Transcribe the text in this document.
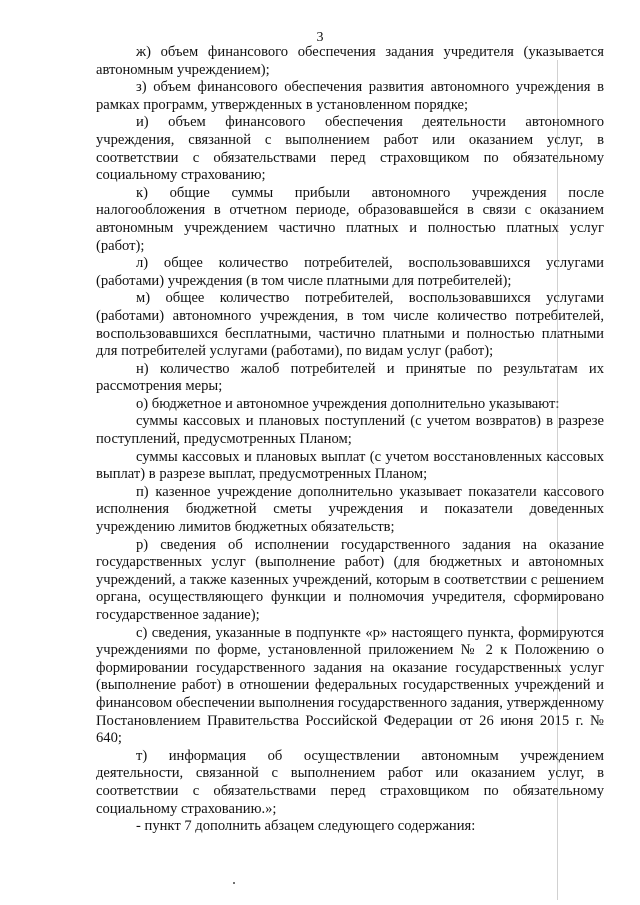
3

ж) объем финансового обеспечения задания учредителя (указывается автономным учреждением);

з) объем финансового обеспечения развития автономного учреждения в рамках программ, утвержденных в установленном порядке;

и) объем финансового обеспечения деятельности автономного учреждения, связанной с выполнением работ или оказанием услуг, в соответствии с обязательствами перед страховщиком по обязательному социальному страхованию;

к) общие суммы прибыли автономного учреждения после налогообложения в отчетном периоде, образовавшейся в связи с оказанием автономным учреждением частично платных и полностью платных услуг (работ);

л) общее количество потребителей, воспользовавшихся услугами (работами) учреждения (в том числе платными для потребителей);

м) общее количество потребителей, воспользовавшихся услугами (работами) автономного учреждения, в том числе количество потребителей, воспользовавшихся бесплатными, частично платными и полностью платными для потребителей услугами (работами), по видам услуг (работ);

н) количество жалоб потребителей и принятые по результатам их рассмотрения меры;

о) бюджетное и автономное учреждения дополнительно указывают:

суммы кассовых и плановых поступлений (с учетом возвратов) в разрезе поступлений, предусмотренных Планом;

суммы кассовых и плановых выплат (с учетом восстановленных кассовых выплат) в разрезе выплат, предусмотренных Планом;

п) казенное учреждение дополнительно указывает показатели кассового исполнения бюджетной сметы учреждения и показатели доведенных учреждению лимитов бюджетных обязательств;

р) сведения об исполнении государственного задания на оказание государственных услуг (выполнение работ) (для бюджетных и автономных учреждений, а также казенных учреждений, которым в соответствии с решением органа, осуществляющего функции и полномочия учредителя, сформировано государственное задание);

с) сведения, указанные в подпункте «р» настоящего пункта, формируются учреждениями по форме, установленной приложением № 2 к Положению о формировании государственного задания на оказание государственных услуг (выполнение работ) в отношении федеральных государственных учреждений и финансовом обеспечении выполнения государственного задания, утвержденному Постановлением Правительства Российской Федерации от 26 июня 2015 г. № 640;

т) информация об осуществлении автономным учреждением деятельности, связанной с выполнением работ или оказанием услуг, в соответствии с обязательствами перед страховщиком по обязательному социальному страхованию.»;

- пункт 7 дополнить абзацем следующего содержания:
